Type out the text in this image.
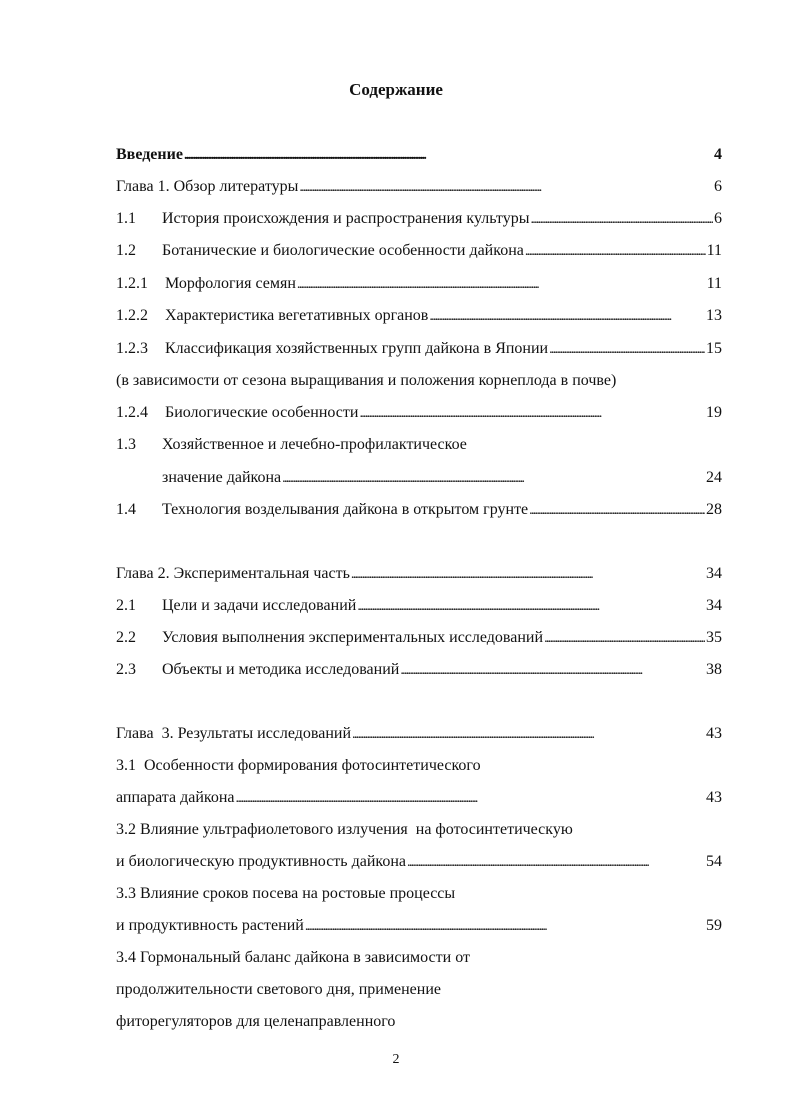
Содержание
Введение . . .	4
Глава 1. Обзор литературы . . .	6
1.1 История происхождения и распространения культуры . . .	6
1.2 Ботанические и биологические особенности дайкона . . .	11
1.2.1 Морфология семян . . .	11
1.2.2 Характеристика вегетативных органов . . .	13
1.2.3 Классификация хозяйственных групп дайкона в Японии . . .	15
(в зависимости от сезона выращивания и положения корнеплода в почве)
1.2.4 Биологические особенности . . .	19
1.3 Хозяйственное и лечебно-профилактическое
значение дайкона . . .	24
1.4 Технология возделывания дайкона в открытом грунте . . .	28
Глава 2. Экспериментальная часть . . .	34
2.1 Цели и задачи исследований . . .	34
2.2 Условия выполнения экспериментальных исследований . . .	35
2.3 Объекты и методика исследований . . .	38
Глава  3. Результаты исследований . . .	43
3.1  Особенности формирования фотосинтетического
аппарата дайкона . . .	43
3.2 Влияние ультрафиолетового излучения  на фотосинтетическую
и биологическую продуктивность дайкона . . .	54
3.3 Влияние сроков посева на ростовые процессы
и продуктивность растений . . .	59
3.4 Гормональный баланс дайкона в зависимости от
продолжительности светового дня, применение
фиторегуляторов для целенаправленного
2
